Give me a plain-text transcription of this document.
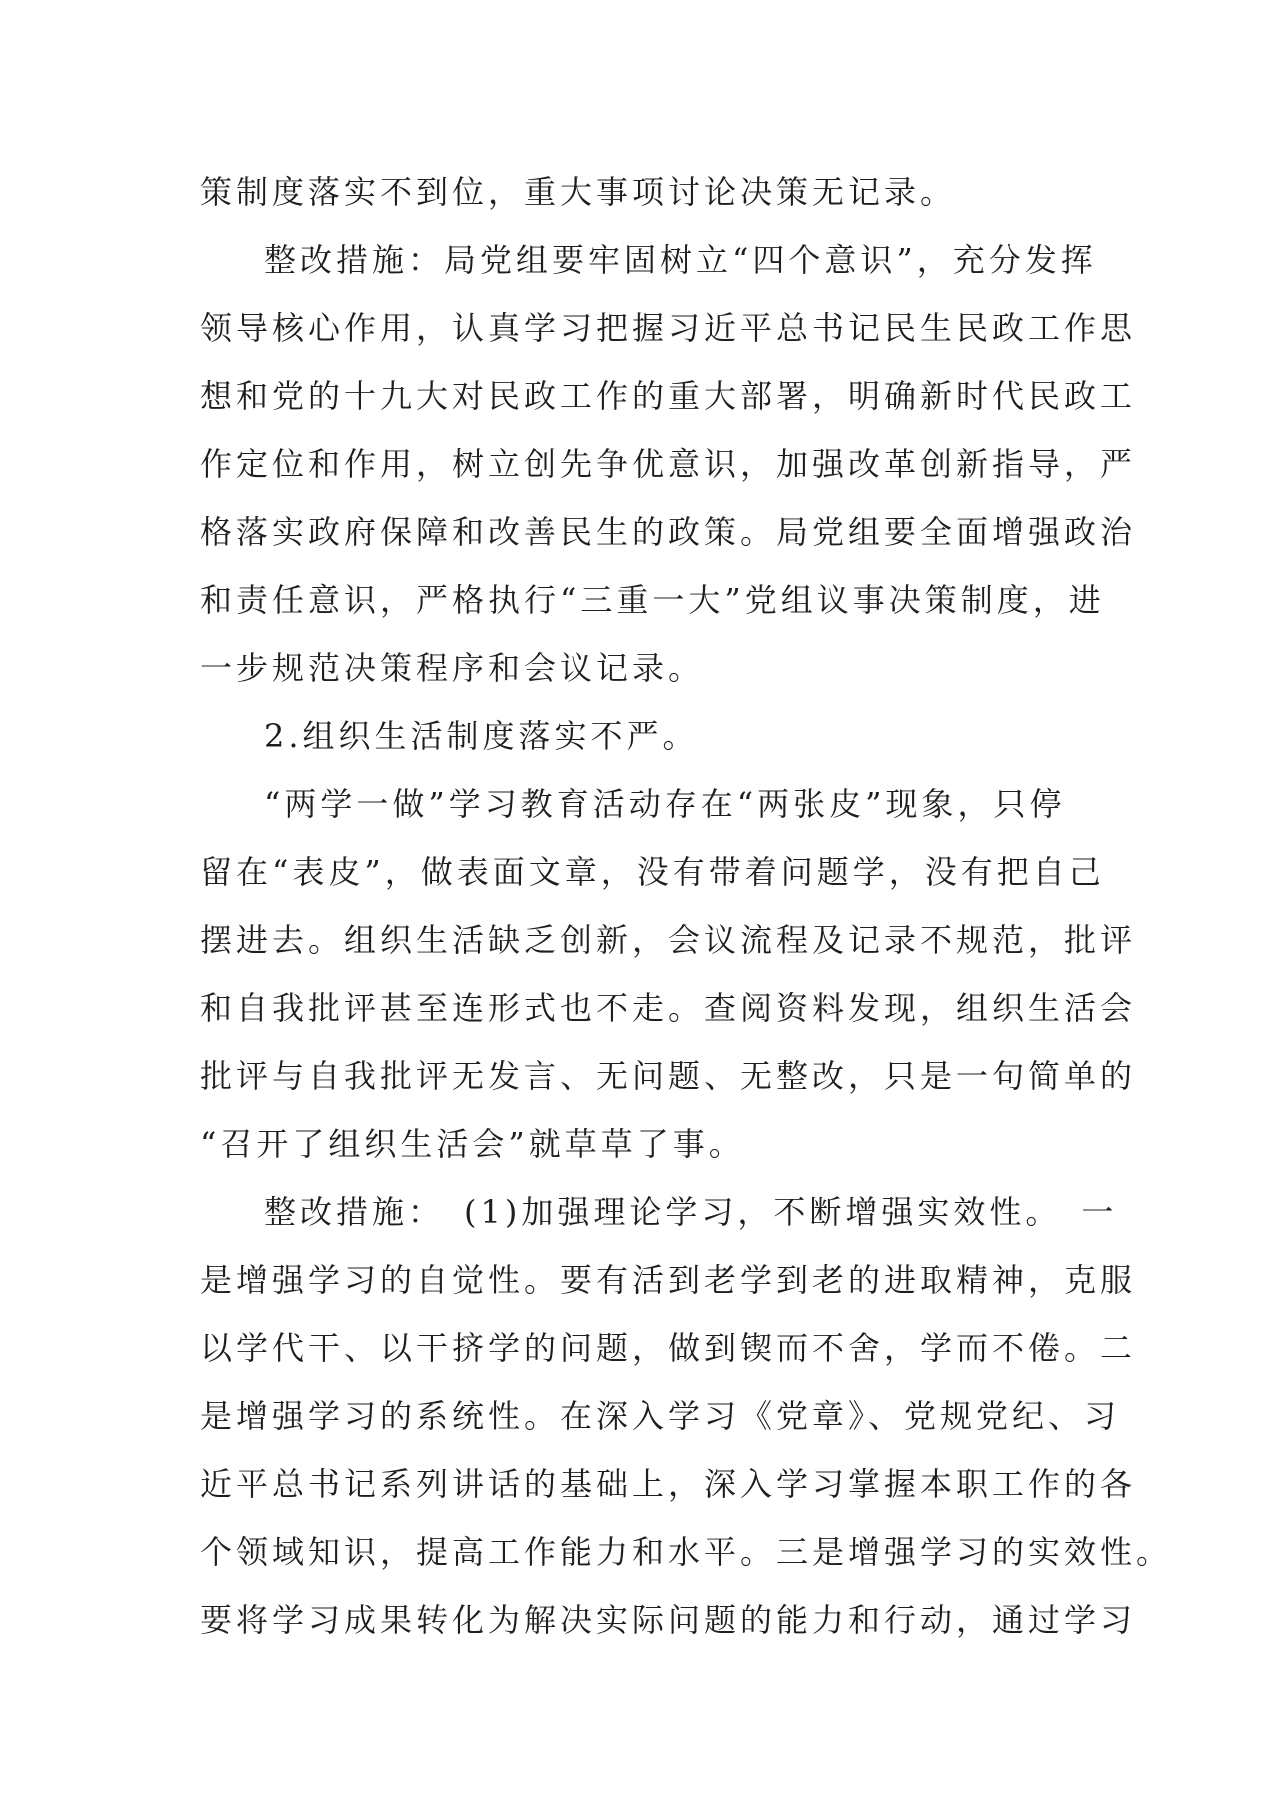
策制度落实不到位，重大事项讨论决策无记录。
整改措施：局党组要牢固树立“四个意识”，充分发挥
领导核心作用，认真学习把握习近平总书记民生民政工作思
想和党的十九大对民政工作的重大部署，明确新时代民政工
作定位和作用，树立创先争优意识，加强改革创新指导，严
格落实政府保障和改善民生的政策。局党组要全面增强政治
和责任意识，严格执行“三重一大”党组议事决策制度，进
一步规范决策程序和会议记录。
2.组织生活制度落实不严。
“两学一做”学习教育活动存在“两张皮”现象，只停
留在“表皮”，做表面文章，没有带着问题学，没有把自己
摆进去。组织生活缺乏创新，会议流程及记录不规范，批评
和自我批评甚至连形式也不走。查阅资料发现，组织生活会
批评与自我批评无发言、无问题、无整改，只是一句简单的
“召开了组织生活会”就草草了事。
整改措施：　(1)加强理论学习，不断增强实效性。　一
是增强学习的自觉性。要有活到老学到老的进取精神，克服
以学代干、以干挤学的问题，做到锲而不舍，学而不倦。二
是增强学习的系统性。在深入学习《党章》、党规党纪、习
近平总书记系列讲话的基础上，深入学习掌握本职工作的各
个领域知识，提高工作能力和水平。三是增强学习的实效性。
要将学习成果转化为解决实际问题的能力和行动，通过学习
